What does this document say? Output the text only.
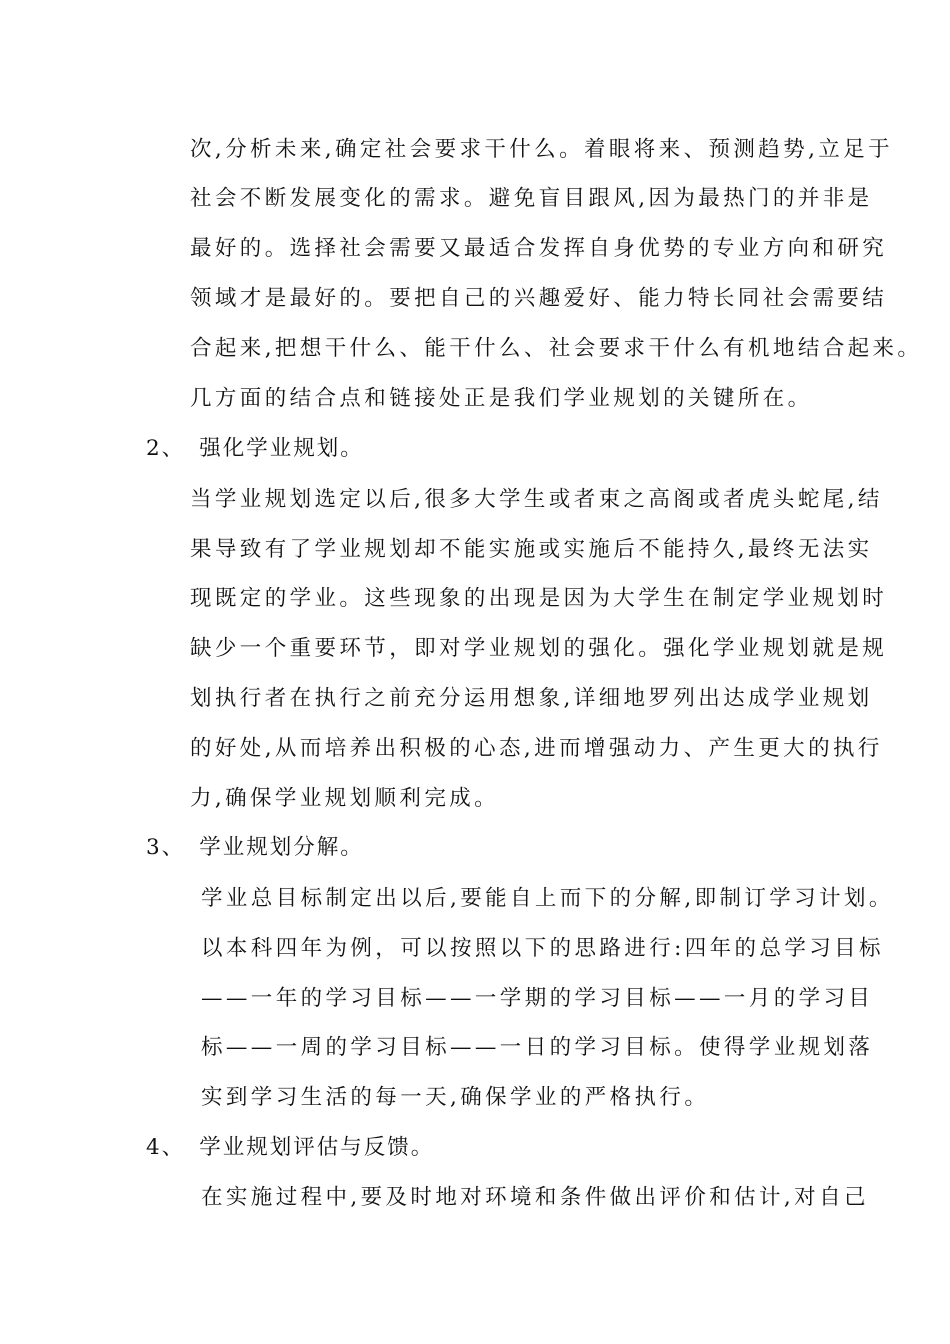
次,分析未来,确定社会要求干什么。着眼将来、预测趋势,立足于
社会不断发展变化的需求。避免盲目跟风,因为最热门的并非是
最好的。选择社会需要又最适合发挥自身优势的专业方向和研究
领域才是最好的。要把自己的兴趣爱好、能力特长同社会需要结
合起来,把想干什么、能干什么、社会要求干什么有机地结合起来。
几方面的结合点和链接处正是我们学业规划的关键所在。
2、 强化学业规划。
当学业规划选定以后,很多大学生或者束之高阁或者虎头蛇尾,结
果导致有了学业规划却不能实施或实施后不能持久,最终无法实
现既定的学业。这些现象的出现是因为大学生在制定学业规划时
缺少一个重要环节，即对学业规划的强化。强化学业规划就是规
划执行者在执行之前充分运用想象,详细地罗列出达成学业规划
的好处,从而培养出积极的心态,进而增强动力、产生更大的执行
力,确保学业规划顺利完成。
3、 学业规划分解。
学业总目标制定出以后,要能自上而下的分解,即制订学习计划。
以本科四年为例，可以按照以下的思路进行:四年的总学习目标
——一年的学习目标——一学期的学习目标——一月的学习目
标——一周的学习目标——一日的学习目标。使得学业规划落
实到学习生活的每一天,确保学业的严格执行。
4、 学业规划评估与反馈。
在实施过程中,要及时地对环境和条件做出评价和估计,对自己
